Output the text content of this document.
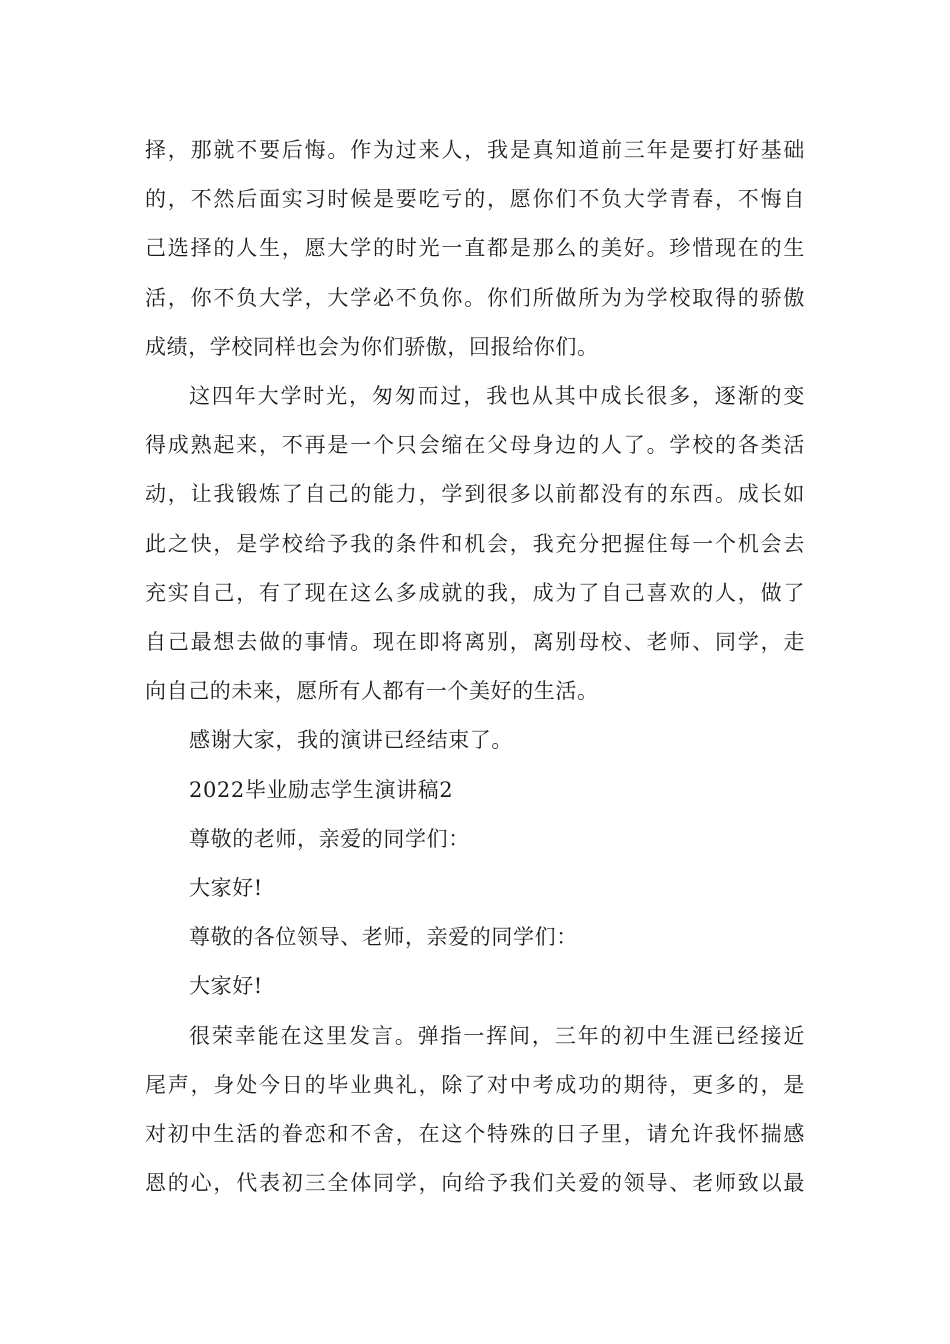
择，那就不要后悔。作为过来人，我是真知道前三年是要打好基础
的，不然后面实习时候是要吃亏的，愿你们不负大学青春，不悔自
己选择的人生，愿大学的时光一直都是那么的美好。珍惜现在的生
活，你不负大学，大学必不负你。你们所做所为为学校取得的骄傲
成绩，学校同样也会为你们骄傲，回报给你们。

这四年大学时光，匆匆而过，我也从其中成长很多，逐渐的变
得成熟起来，不再是一个只会缩在父母身边的人了。学校的各类活
动，让我锻炼了自己的能力，学到很多以前都没有的东西。成长如
此之快，是学校给予我的条件和机会，我充分把握住每一个机会去
充实自己，有了现在这么多成就的我，成为了自己喜欢的人，做了
自己最想去做的事情。现在即将离别，离别母校、老师、同学，走
向自己的未来，愿所有人都有一个美好的生活。

感谢大家，我的演讲已经结束了。

2022毕业励志学生演讲稿2

尊敬的老师，亲爱的同学们：

大家好!

尊敬的各位领导、老师，亲爱的同学们：

大家好!

很荣幸能在这里发言。弹指一挥间，三年的初中生涯已经接近
尾声，身处今日的毕业典礼，除了对中考成功的期待，更多的，是
对初中生活的眷恋和不舍，在这个特殊的日子里，请允许我怀揣感
恩的心，代表初三全体同学，向给予我们关爱的领导、老师致以最
